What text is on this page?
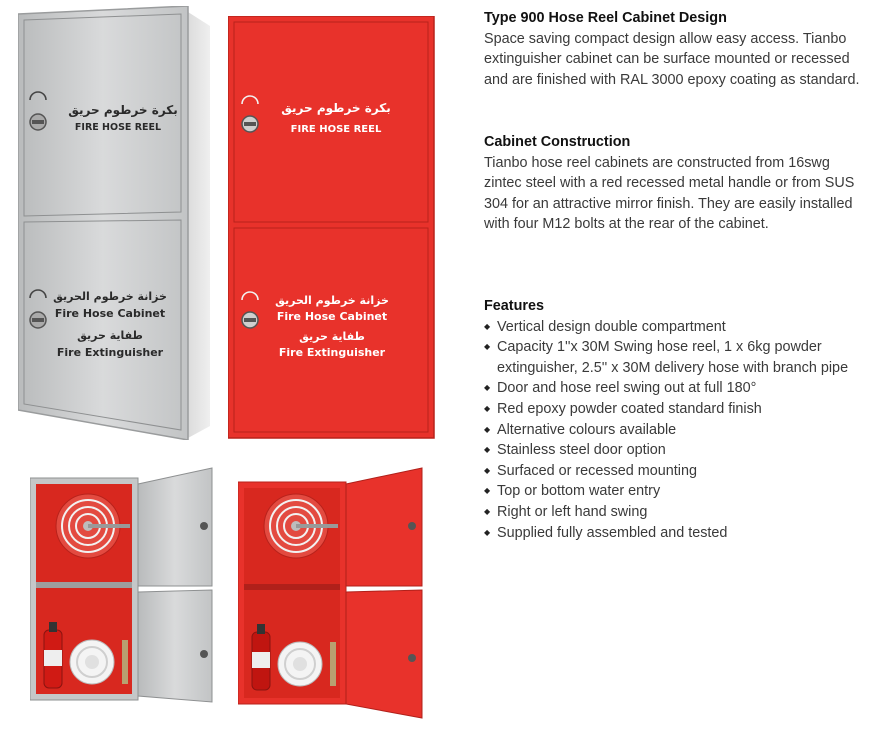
بكرة خرطوم حريق
FIRE HOSE REEL
خزانة خرطوم الحريق
Fire Hose Cabinet
طفاية حريق
Fire Extinguisher
بكرة خرطوم حريق
FIRE HOSE REEL
خزانة خرطوم الحريق
Fire Hose Cabinet
طفاية حريق
Fire Extinguisher
Type 900 Hose Reel Cabinet Design

Space saving compact design allow easy access. Tianbo extinguisher cabinet can be surface mounted or recessed and are finished with RAL 3000 epoxy coating as standard.

Cabinet Construction

Tianbo hose reel cabinets are constructed from 16swg zintec steel with a red recessed metal handle or from SUS 304 for an attractive mirror finish. They are easily installed with four M12 bolts at the rear of the cabinet.

Features
◆ Vertical design double compartment
◆ Capacity 1''x 30M Swing hose reel, 1 x 6kg powder extinguisher, 2.5'' x 30M delivery hose with branch pipe
◆ Door and hose reel swing out at full 180°
◆ Red epoxy powder coated standard finish
◆ Alternative colours available
◆ Stainless steel door option
◆ Surfaced or recessed mounting
◆ Top or bottom water entry
◆ Right or left hand swing
◆ Supplied fully assembled and tested
